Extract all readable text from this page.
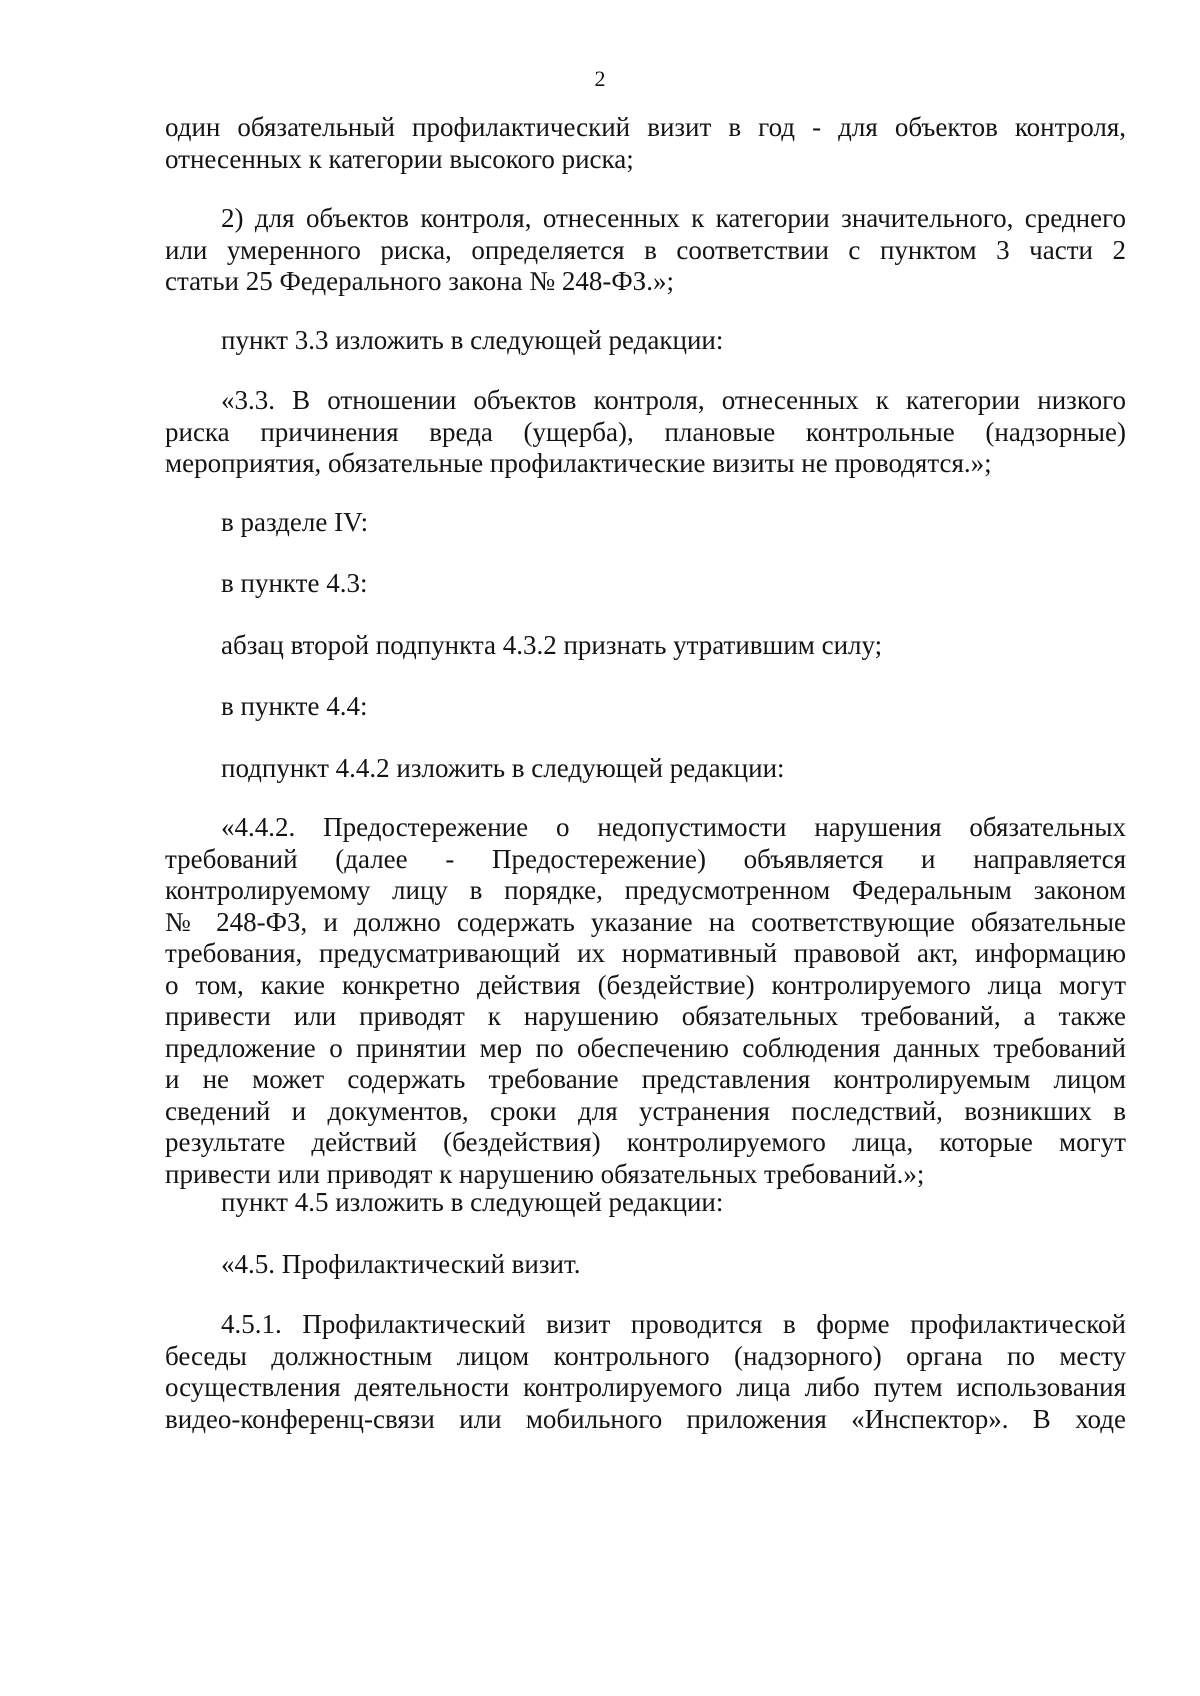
2
один обязательный профилактический визит в год - для объектов контроля,
отнесенных к категории высокого риска;
2) для объектов контроля, отнесенных к категории значительного, среднего
или умеренного риска, определяется в соответствии с пунктом 3 части 2
статьи 25 Федерального закона № 248-ФЗ.»;
пункт 3.3 изложить в следующей редакции:
«3.3. В отношении объектов контроля, отнесенных к категории низкого
риска причинения вреда (ущерба), плановые контрольные (надзорные)
мероприятия, обязательные профилактические визиты не проводятся.»;
в разделе IV:
в пункте 4.3:
абзац второй подпункта 4.3.2 признать утратившим силу;
в пункте 4.4:
подпункт 4.4.2 изложить в следующей редакции:
«4.4.2. Предостережение о недопустимости нарушения обязательных
требований (далее - Предостережение) объявляется и направляется
контролируемому лицу в порядке, предусмотренном Федеральным законом
№ 248-ФЗ, и должно содержать указание на соответствующие обязательные
требования, предусматривающий их нормативный правовой акт, информацию
о том, какие конкретно действия (бездействие) контролируемого лица могут
привести или приводят к нарушению обязательных требований, а также
предложение о принятии мер по обеспечению соблюдения данных требований
и не может содержать требование представления контролируемым лицом
сведений и документов, сроки для устранения последствий, возникших в
результате действий (бездействия) контролируемого лица, которые могут
привести или приводят к нарушению обязательных требований.»;
пункт 4.5 изложить в следующей редакции:
«4.5. Профилактический визит.
4.5.1. Профилактический визит проводится в форме профилактической
беседы должностным лицом контрольного (надзорного) органа по месту
осуществления деятельности контролируемого лица либо путем использования
видео-конференц-связи или мобильного приложения «Инспектор». В ходе
